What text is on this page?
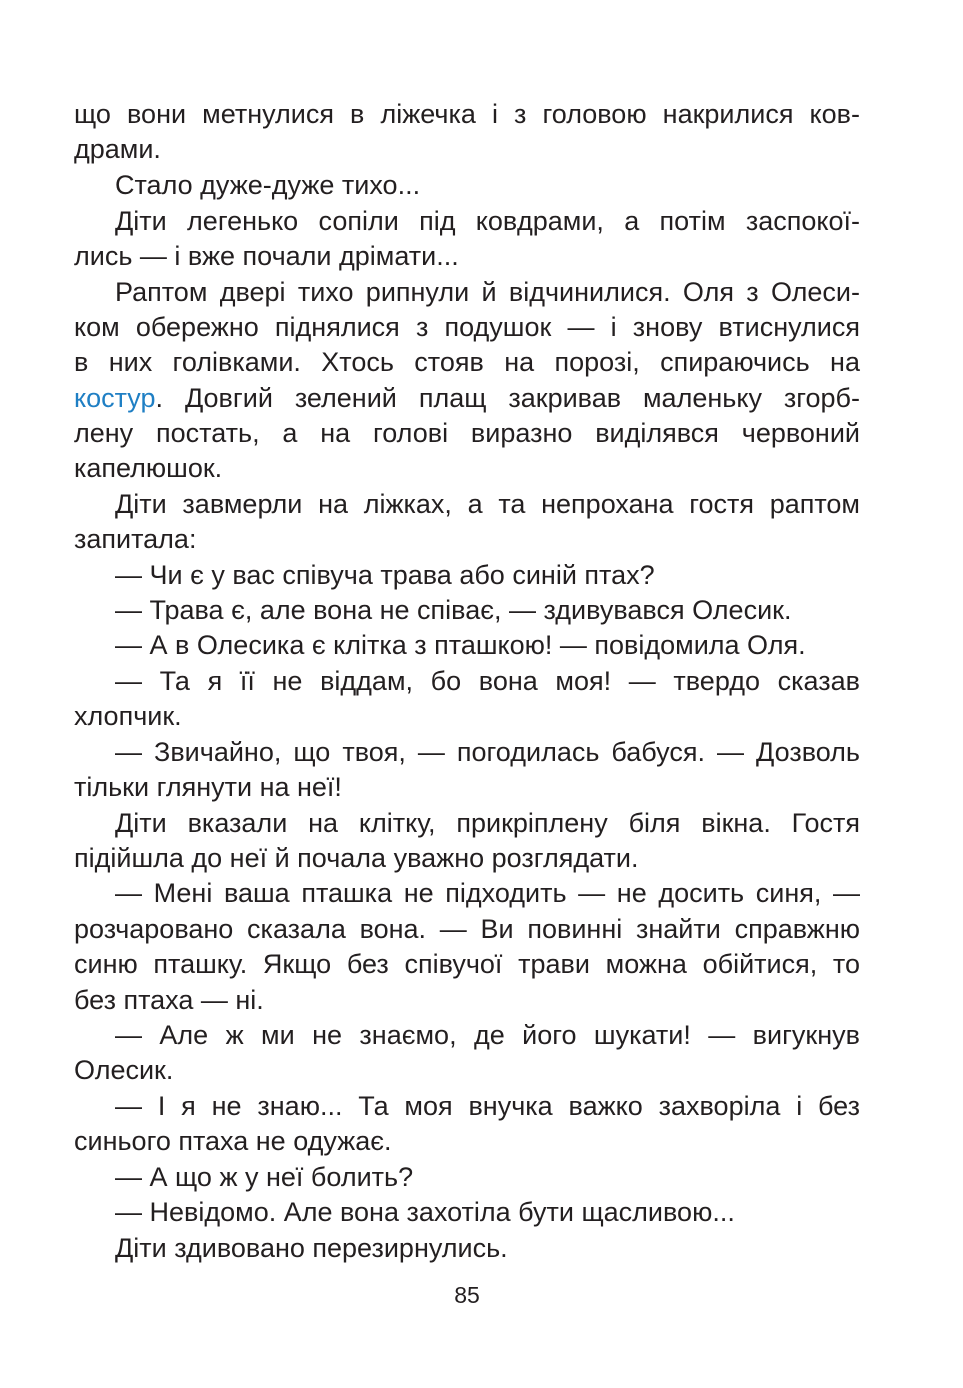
що вони метнулися в ліжечка і з головою накрилися ков-
драми.
Стало дуже-дуже тихо...
Діти легенько сопіли під ковдрами, а потім заспокої-
лись — і вже почали дрімати...
Раптом двері тихо рипнули й відчинилися. Оля з Олеси-
ком обережно піднялися з подушок — і знову втиснулися
в них голівками. Хтось стояв на порозі, спираючись на
костур. Довгий зелений плащ закривав маленьку згорб-
лену постать, а на голові виразно виділявся червоний
капелюшок.
Діти завмерли на ліжках, а та непрохана гостя раптом
запитала:
— Чи є у вас співуча трава або синій птах?
— Трава є, але вона не співає, — здивувався Олесик.
— А в Олесика є клітка з пташкою! — повідомила Оля.
— Та я її не віддам, бо вона моя! — твердо сказав
хлопчик.
— Звичайно, що твоя, — погодилась бабуся. — Дозволь
тільки глянути на неї!
Діти вказали на клітку, прикріплену біля вікна. Гостя
підійшла до неї й почала уважно розглядати.
— Мені ваша пташка не підходить — не досить синя, —
розчаровано сказала вона. — Ви повинні знайти справжню
синю пташку. Якщо без співучої трави можна обійтися, то
без птаха — ні.
— Але ж ми не знаємо, де його шукати! — вигукнув
Олесик.
— І я не знаю... Та моя внучка важко захворіла і без
синього птаха не одужає.
— А що ж у неї болить?
— Невідомо. Але вона захотіла бути щасливою...
Діти здивовано перезирнулись.
85
